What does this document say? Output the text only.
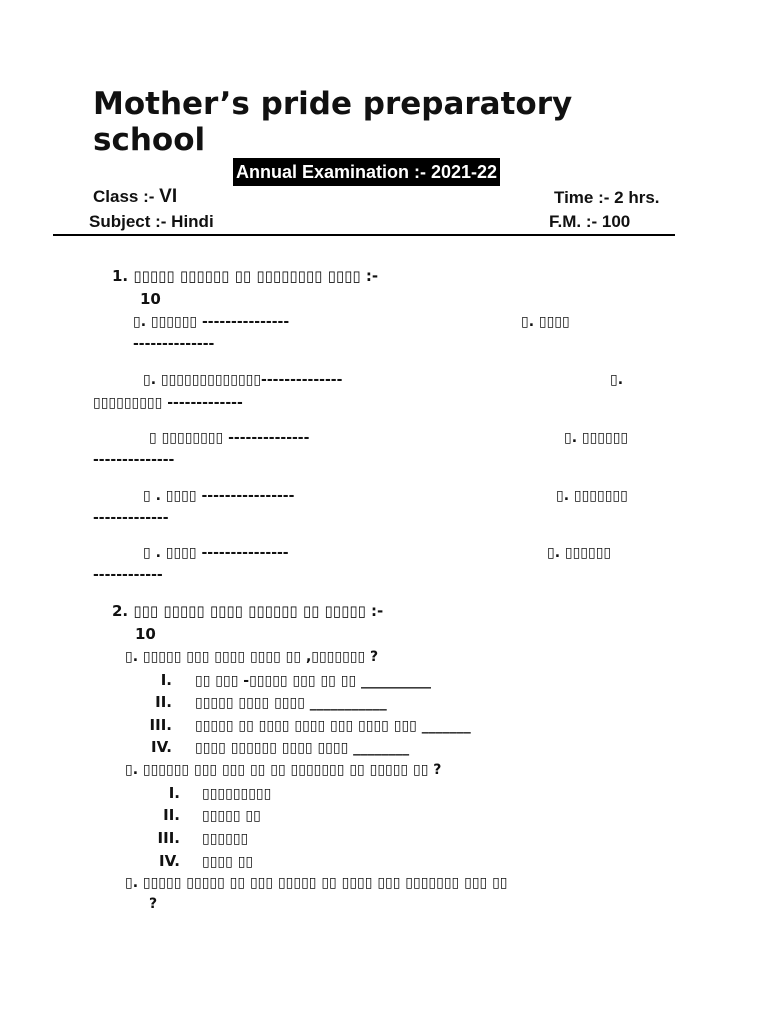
Mother’s pride preparatory school
Annual Examination :- 2021-22
Class :- VI	Time :- 2 hrs.
Subject :- Hindi	F.M. :- 100
1. ▯▯▯▯▯ ▯▯▯▯▯▯ ▯▯ ▯▯▯▯▯▯▯▯ ▯▯▯▯ :-
10
▯. ▯▯▯▯▯▯ ---------------	▯. ▯▯▯▯
--------------
▯. ▯▯▯▯▯▯▯▯▯▯▯▯▯--------------	▯.
▯▯▯▯▯▯▯▯▯ -------------
▯ ▯▯▯▯▯▯▯▯ --------------	▯. ▯▯▯▯▯▯
--------------
▯ . ▯▯▯▯ ----------------	▯. ▯▯▯▯▯▯▯
-------------
▯ . ▯▯▯▯ ---------------	▯. ▯▯▯▯▯▯
------------
2. ▯▯▯ ▯▯▯▯▯ ▯▯▯▯ ▯▯▯▯▯▯ ▯▯ ▯▯▯▯▯ :-
10
▯. ▯▯▯▯▯ ▯▯▯ ▯▯▯▯ ▯▯▯▯ ▯▯ ,▯▯▯▯▯▯▯ ?
I. ▯▯ ▯▯▯ -▯▯▯▯▯ ▯▯▯ ▯▯ ▯▯ __________
II. ▯▯▯▯▯ ▯▯▯▯ ▯▯▯▯ ___________
III. ▯▯▯▯▯ ▯▯ ▯▯▯▯ ▯▯▯▯ ▯▯▯ ▯▯▯▯ ▯▯▯ _______
IV. ▯▯▯▯ ▯▯▯▯▯▯ ▯▯▯▯ ▯▯▯▯ ________
▯. ▯▯▯▯▯▯ ▯▯▯ ▯▯▯ ▯▯ ▯▯ ▯▯▯▯▯▯▯ ▯▯ ▯▯▯▯▯ ▯▯ ?
I. ▯▯▯▯▯▯▯▯▯
II. ▯▯▯▯▯ ▯▯
III. ▯▯▯▯▯▯
IV. ▯▯▯▯ ▯▯
▯. ▯▯▯▯▯ ▯▯▯▯▯ ▯▯ ▯▯▯ ▯▯▯▯▯ ▯▯ ▯▯▯▯ ▯▯▯ ▯▯▯▯▯▯▯ ▯▯▯ ▯▯
?
